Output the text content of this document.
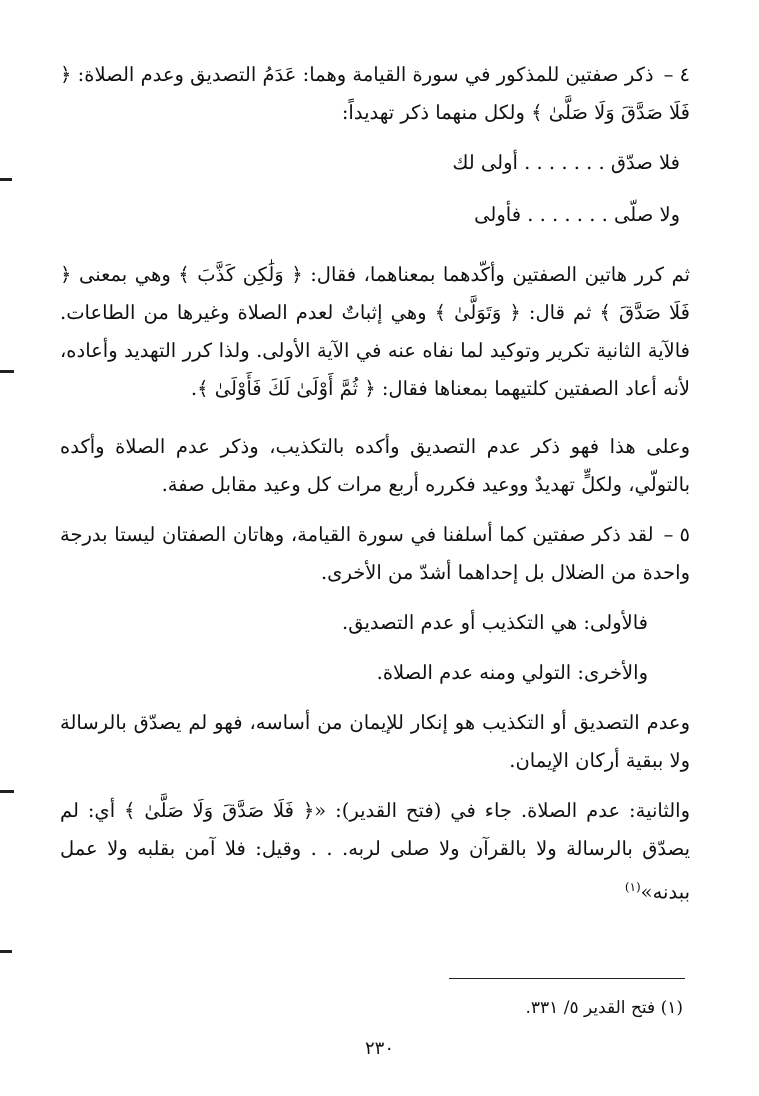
٤ –ذكر صفتين للمذكور في سورة القيامة وهما: عَدَمُ التصديق وعدم الصلاة: ﴿ فَلَا صَدَّقَ وَلَا صَلَّىٰ ﴾ ولكل منهما ذكر تهديداً:

فلا صدّق . . . . . . . أولى لك

ولا صلّى . . . . . . . فأولى

ثم كرر هاتين الصفتين وأكّدهما بمعناهما، فقال: ﴿ وَلَٰكِن كَذَّبَ ﴾ وهي بمعنى ﴿ فَلَا صَدَّقَ ﴾ ثم قال: ﴿ وَتَوَلَّىٰ ﴾ وهي إثباتٌ لعدم الصلاة وغيرها من الطاعات. فالآية الثانية تكرير وتوكيد لما نفاه عنه في الآية الأولى. ولذا كرر التهديد وأعاده، لأنه أعاد الصفتين كلتيهما بمعناها فقال: ﴿ ثُمَّ أَوْلَىٰ لَكَ فَأَوْلَىٰ ﴾.

وعلى هذا فهو ذكر عدم التصديق وأكده بالتكذيب، وذكر عدم الصلاة وأكده بالتولّي، ولكلٍّ تهديدٌ ووعيد فكرره أربع مرات كل وعيد مقابل صفة.

٥ –لقد ذكر صفتين كما أسلفنا في سورة القيامة، وهاتان الصفتان ليستا بدرجة واحدة من الضلال بل إحداهما أشدّ من الأخرى.

فالأولى: هي التكذيب أو عدم التصديق.

والأخرى: التولي ومنه عدم الصلاة.

وعدم التصديق أو التكذيب هو إنكار للإيمان من أساسه، فهو لم يصدّق بالرسالة ولا ببقية أركان الإيمان.

والثانية: عدم الصلاة. جاء في (فتح القدير): «﴿ فَلَا صَدَّقَ وَلَا صَلَّىٰ ﴾ أي: لم يصدّق بالرسالة ولا بالقرآن ولا صلى لربه. . . وقيل: فلا آمن بقلبه ولا عمل ببدنه»$^{(١)}$

(١) فتح القدير ٥/ ٣٣١.
٢٣٠
